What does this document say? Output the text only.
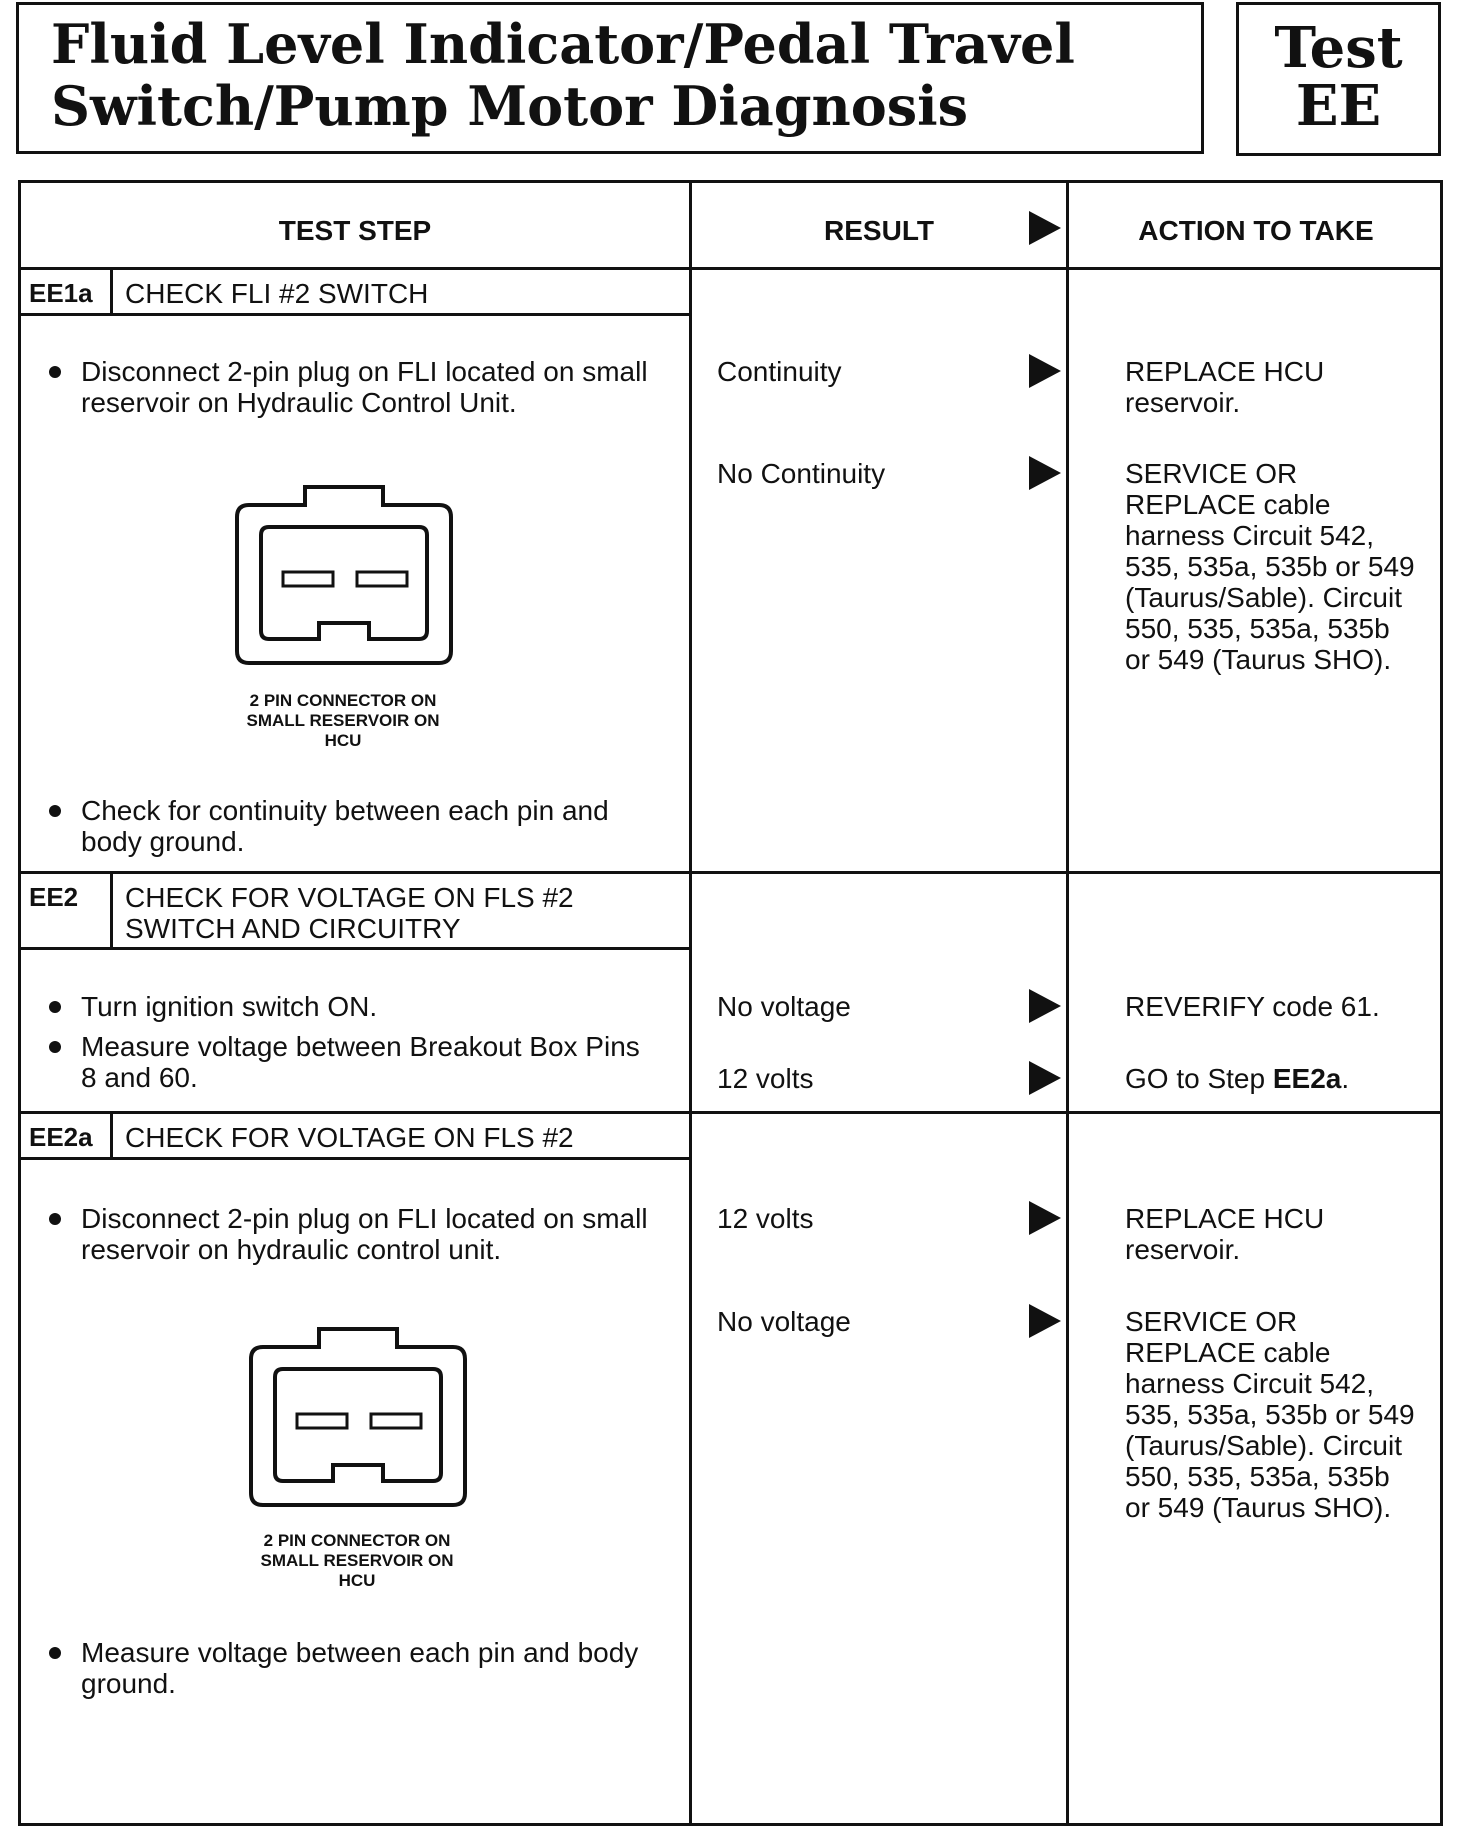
Fluid Level Indicator/Pedal Travel
Switch/Pump Motor Diagnosis
Test
EE
TEST STEP	RESULT	ACTION TO TAKE
EE1a	CHECK FLI #2 SWITCH
Disconnect 2-pin plug on FLI located on small reservoir on Hydraulic Control Unit.
2 PIN CONNECTOR ON
SMALL RESERVOIR ON
HCU
Check for continuity between each pin and body ground.
Continuity	REPLACE HCU reservoir.
No Continuity	SERVICE OR REPLACE cable harness Circuit 542, 535, 535a, 535b or 549 (Taurus/Sable). Circuit 550, 535, 535a, 535b or 549 (Taurus SHO).
EE2	CHECK FOR VOLTAGE ON FLS #2 SWITCH AND CIRCUITRY
Turn ignition switch ON.
Measure voltage between Breakout Box Pins 8 and 60.
No voltage	REVERIFY code 61.
12 volts	GO to Step EE2a.
EE2a	CHECK FOR VOLTAGE ON FLS #2
Disconnect 2-pin plug on FLI located on small reservoir on hydraulic control unit.
2 PIN CONNECTOR ON
SMALL RESERVOIR ON
HCU
Measure voltage between each pin and body ground.
12 volts	REPLACE HCU reservoir.
No voltage	SERVICE OR REPLACE cable harness Circuit 542, 535, 535a, 535b or 549 (Taurus/Sable). Circuit 550, 535, 535a, 535b or 549 (Taurus SHO).
